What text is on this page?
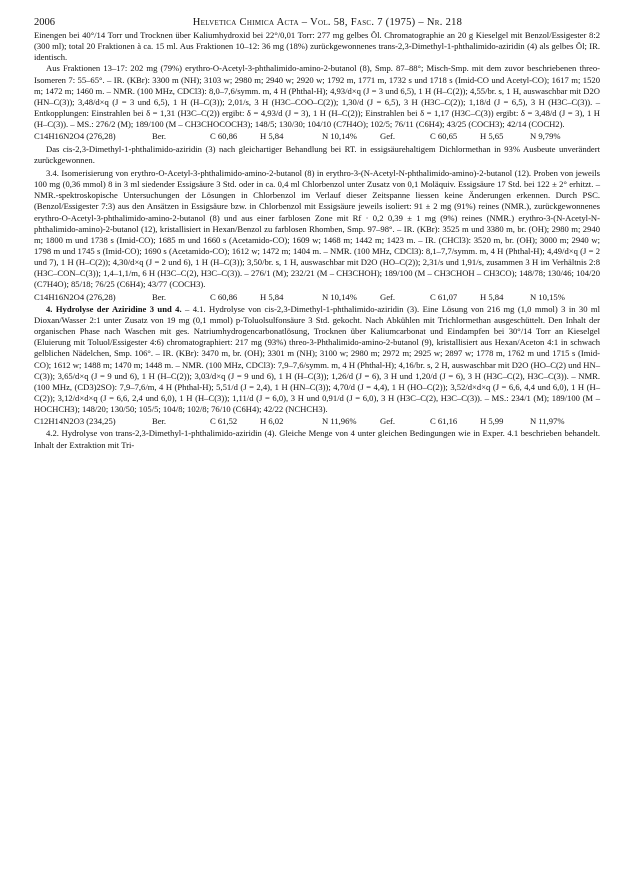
2006	Helvetica Chimica Acta – Vol. 58, Fasc. 7 (1975) – Nr. 218

Einengen bei 40°/14 Torr und Trocknen über Kaliumhydroxid bei 22°/0,01 Torr: 277 mg gelbes Öl. Chromatographie an 20 g Kieselgel mit Benzol/Essigester 8:2 (300 ml); total 20 Fraktionen à ca. 15 ml. Aus Fraktionen 10–12: 36 mg (18%) zurückgewonnenes trans-2,3-Dimethyl-1-phthalimido-aziridin (4) als gelbes Öl; IR. identisch.

Aus Fraktionen 13–17: 202 mg (79%) erythro-O-Acetyl-3-phthalimido-amino-2-butanol (8), Smp. 87–88°; Misch-Smp. mit dem zuvor beschriebenen threo-Isomeren 7: 55–65°. – IR. (KBr): 3300 m (NH); 3103 w; 2980 m; 2940 w; 2920 w; 1792 m, 1771 m, 1732 s und 1718 s (Imid-CO und Acetyl-CO); 1617 m; 1520 m; 1472 m; 1460 m. – NMR. (100 MHz, CDCl3): 8,0–7,6/symm. m, 4 H (Phthal-H); 4,93/d×q (J = 3 und 6,5), 1 H (H–C(2)); 4,55/br. s, 1 H, auswaschbar mit D2O (HN–C(3)); 3,48/d×q (J = 3 und 6,5), 1 H (H–C(3)); 2,01/s, 3 H (H3C–COO–C(2)); 1,30/d (J = 6,5), 3 H (H3C–C(2)); 1,18/d (J = 6,5), 3 H (H3C–C(3)). – Entkopplungen: Einstrahlen bei δ = 1,31 (H3C–C(2)) ergibt: δ = 4,93/d (J = 3), 1 H (H–C(2)); Einstrahlen bei δ = 1,17 (H3C–C(3)) ergibt: δ = 3,48/d (J = 3), 1 H (H–C(3)). – MS.: 276/2 (M); 189/100 (M – CH3CHOCOCH3); 148/5; 130/30; 104/10 (C7H4O); 102/5; 76/11 (C6H4); 43/25 (COCH3); 42/14 (COCH2).

C14H16N2O4 (276,28)	Ber.	C 60,86	H 5,84	N 10,14%	Gef.	C 60,65	H 5,65	N 9,79%

Das cis-2,3-Dimethyl-1-phthalimido-aziridin (3) nach gleichartiger Behandlung bei RT. in essigsäurehaltigem Dichlormethan in 93% Ausbeute unverändert zurückgewonnen.

3.4. Isomerisierung von erythro-O-Acetyl-3-phthalimido-amino-2-butanol (8) in erythro-3-(N-Acetyl-N-phthalimido-amino)-2-butanol (12). Proben von jeweils 100 mg (0,36 mmol) 8 in 3 ml siedender Essigsäure 3 Std. oder in ca. 0,4 ml Chlorbenzol unter Zusatz von 0,1 Moläquiv. Essigsäure 17 Std. bei 122 ± 2° erhitzt. – NMR.-spektroskopische Untersuchungen der Lösungen in Chlorbenzol im Verlauf dieser Zeitspanne liessen keine Änderungen erkennen. Durch PSC. (Benzol/Essigester 7:3) aus den Ansätzen in Essigsäure bzw. in Chlorbenzol mit Essigsäure jeweils isoliert: 91 ± 2 mg (91%) reines (NMR.), zurückgewonnenes erythro-O-Acetyl-3-phthalimido-amino-2-butanol (8) und aus einer farblosen Zone mit Rf · 0,2 0,39 ± 1 mg (9%) reines (NMR.) erythro-3-(N-Acetyl-N-phthalimido-amino)-2-butanol (12), kristallisiert in Hexan/Benzol zu farblosen Rhomben, Smp. 97–98°. – IR. (KBr): 3525 m und 3380 m, br. (OH); 2980 m; 2940 m; 1800 m und 1738 s (Imid-CO); 1685 m und 1660 s (Acetamido-CO); 1609 w; 1468 m; 1442 m; 1423 m. – IR. (CHCl3): 3520 m, br. (OH); 3000 m; 2940 w; 1798 m und 1745 s (Imid-CO); 1690 s (Acetamido-CO); 1612 w; 1472 m; 1404 m. – NMR. (100 MHz, CDCl3): 8,1–7,7/symm. m, 4 H (Phthal-H); 4,49/d×q (J = 2 und 7), 1 H (H–C(2)); 4,30/d×q (J = 2 und 6), 1 H (H–C(3)); 3,50/br. s, 1 H, auswaschbar mit D2O (HO–C(2)); 2,31/s und 1,91/s, zusammen 3 H im Verhältnis 2:8 (H3C–CON–C(3)); 1,4–1,1/m, 6 H (H3C–C(2), H3C–C(3)). – 276/1 (M); 232/21 (M – CH3CHOH); 189/100 (M – CH3CHOH – CH3CO); 148/78; 130/46; 104/20 (C7H4O); 85/18; 76/25 (C6H4); 43/77 (COCH3).

C14H16N2O4 (276,28)	Ber.	C 60,86	H 5,84	N 10,14%	Gef.	C 61,07	H 5,84	N 10,15%

4. Hydrolyse der Aziridine 3 und 4. – 4.1. Hydrolyse von cis-2,3-Dimethyl-1-phthalimido-aziridin (3). Eine Lösung von 216 mg (1,0 mmol) 3 in 30 ml Dioxan/Wasser 2:1 unter Zusatz von 19 mg (0,1 mmol) p-Toluolsulfonsäure 3 Std. gekocht. Nach Abkühlen mit Trichlormethan ausgeschüttelt. Den Inhalt der organischen Phase nach Waschen mit ges. Natriumhydrogencarbonatlösung, Trocknen über Kaliumcarbonat und Eindampfen bei 30°/14 Torr an Kieselgel (Eluierung mit Toluol/Essigester 4:6) chromatographiert: 217 mg (93%) threo-3-Phthalimido-amino-2-butanol (9), kristallisiert aus Hexan/Aceton 4:1 in schwach gelblichen Nädelchen, Smp. 106°. – IR. (KBr): 3470 m, br. (OH); 3301 m (NH); 3100 w; 2980 m; 2972 m; 2925 w; 2897 w; 1778 m, 1762 m und 1715 s (Imid-CO); 1612 w; 1488 m; 1470 m; 1448 m. – NMR. (100 MHz, CDCl3): 7,9–7,6/symm. m, 4 H (Phthal-H); 4,16/br. s, 2 H, auswaschbar mit D2O (HO–C(2) und HN–C(3)); 3,65/d×q (J = 9 und 6), 1 H (H–C(2)); 3,03/d×q (J = 9 und 6), 1 H (H–C(3)); 1,26/d (J = 6), 3 H und 1,20/d (J = 6), 3 H (H3C–C(2), H3C–C(3)). – NMR. (100 MHz, (CD3)2SO): 7,9–7,6/m, 4 H (Phthal-H); 5,51/d (J = 2,4), 1 H (HN–C(3)); 4,70/d (J = 4,4), 1 H (HO–C(2)); 3,52/d×d×q (J = 6,6, 4,4 und 6,0), 1 H (H–C(2)); 3,12/d×d×q (J = 6,6, 2,4 und 6,0), 1 H (H–C(3)); 1,11/d (J = 6,0), 3 H und 0,91/d (J = 6,0), 3 H (H3C–C(2), H3C–C(3)). – MS.: 234/1 (M); 189/100 (M – HOCHCH3); 148/20; 130/50; 105/5; 104/8; 102/8; 76/10 (C6H4); 42/22 (NCHCH3).

C12H14N2O3 (234,25)	Ber.	C 61,52	H 6,02	N 11,96%	Gef.	C 61,16	H 5,99	N 11,97%

4.2. Hydrolyse von trans-2,3-Dimethyl-1-phthalimido-aziridin (4). Gleiche Menge von 4 unter gleichen Bedingungen wie in Exper. 4.1 beschrieben behandelt. Inhalt der Extraktion mit Tri-
